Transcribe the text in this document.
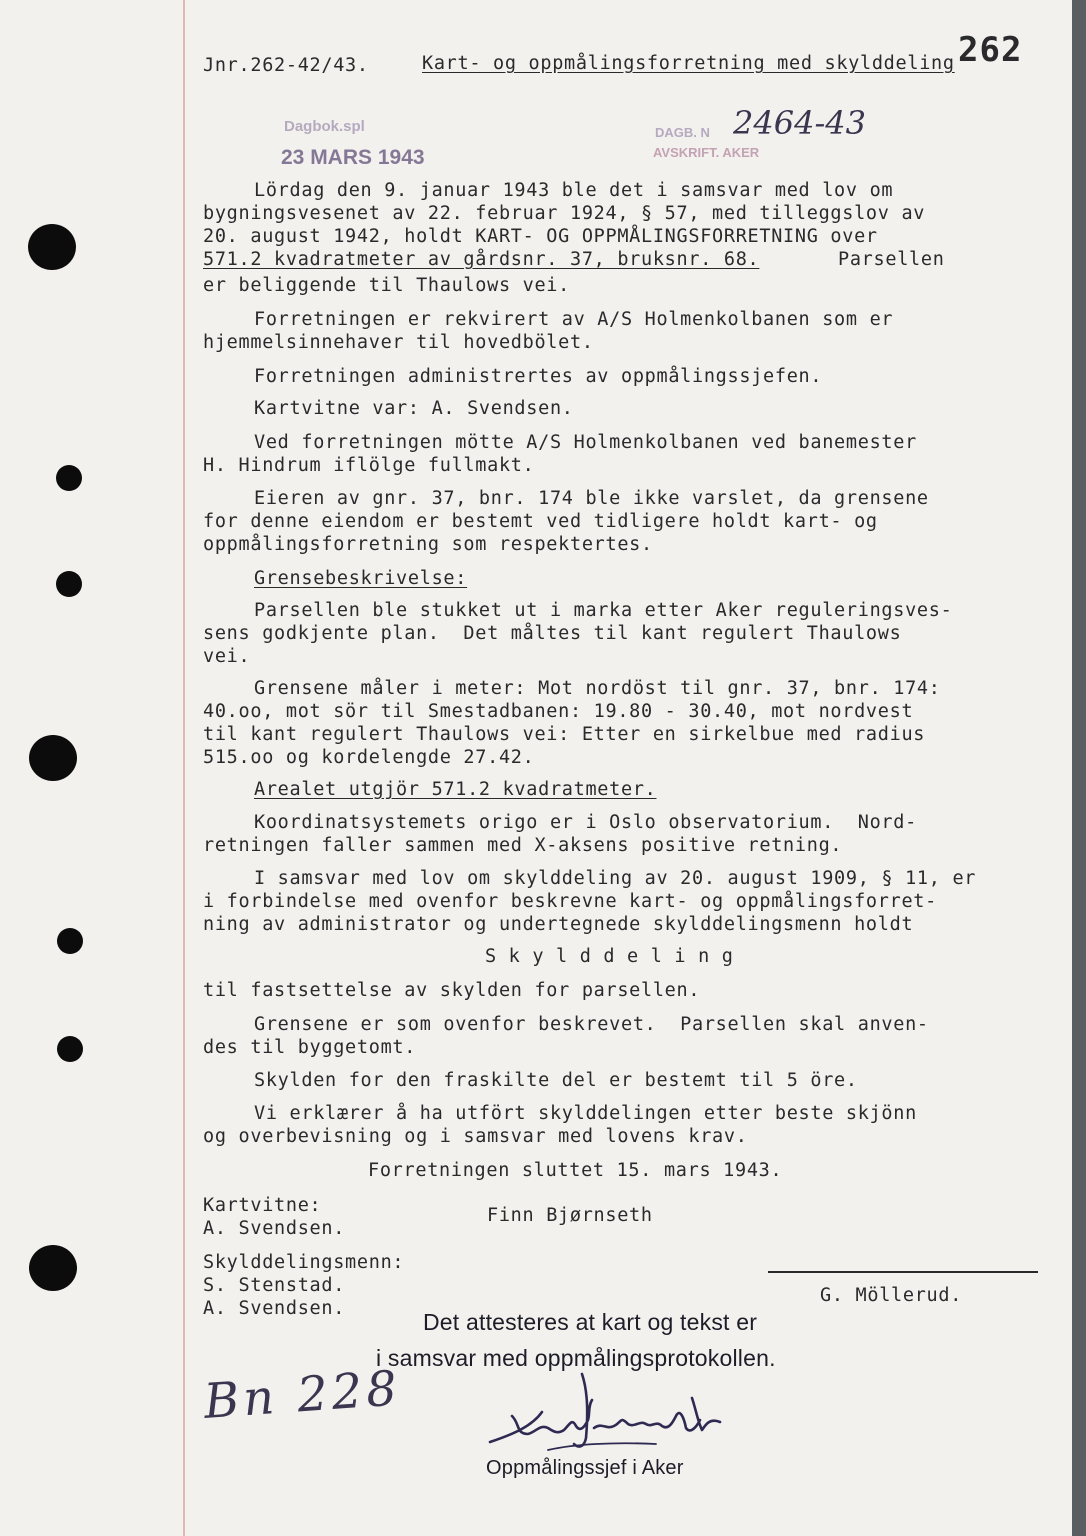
Jnr.262-42/43.	Kart- og oppmålingsforretning med skylddeling 262
Dagbok.spl
23 MARS 1943
DAGB. N 2464-43
AVSKRIFT. AKER
Lördag den 9. januar 1943 ble det i samsvar med lov om
bygningsvesenet av 22. februar 1924, § 57, med tilleggslov av
20. august 1942, holdt KART- OG OPPMÅLINGSFORRETNING over
571.2 kvadratmeter av gårdsnr. 37, bruksnr. 68.	Parsellen
er beliggende til Thaulows vei.
Forretningen er rekvirert av A/S Holmenkolbanen som er
hjemmelsinnehaver til hovedbölet.
Forretningen administrertes av oppmålingssjefen.
Kartvitne var: A. Svendsen.
Ved forretningen mötte A/S Holmenkolbanen ved banemester
H. Hindrum iflölge fullmakt.
Eieren av gnr. 37, bnr. 174 ble ikke varslet, da grensene
for denne eiendom er bestemt ved tidligere holdt kart- og
oppmålingsforretning som respektertes.
Grensebeskrivelse:
Parsellen ble stukket ut i marka etter Aker reguleringsves-
sens godkjente plan.  Det måltes til kant regulert Thaulows
vei.
Grensene måler i meter: Mot nordöst til gnr. 37, bnr. 174:
40.oo, mot sör til Smestadbanen: 19.80 - 30.40, mot nordvest
til kant regulert Thaulows vei: Etter en sirkelbue med radius
515.oo og kordelengde 27.42.
Arealet utgjör 571.2 kvadratmeter.
Koordinatsystemets origo er i Oslo observatorium.  Nord-
retningen faller sammen med X-aksens positive retning.
I samsvar med lov om skylddeling av 20. august 1909, § 11, er
i forbindelse med ovenfor beskrevne kart- og oppmålingsforret-
ning av administrator og undertegnede skylddelingsmenn holdt
S k y l d d e l i n g
til fastsettelse av skylden for parsellen.
Grensene er som ovenfor beskrevet.  Parsellen skal anven-
des til byggetomt.
Skylden for den fraskilte del er bestemt til 5 öre.
Vi erklærer å ha utfört skylddelingen etter beste skjönn
og overbevisning og i samsvar med lovens krav.
Forretningen sluttet 15. mars 1943.
Kartvitne:
A. Svendsen.
Finn Bjørnseth
Skylddelingsmenn:
S. Stenstad.
A. Svendsen.
G. Möllerud.
Det attesteres at kart og tekst er
i samsvar med oppmålingsprotokollen.
Bn 228
Oppmålingssjef i Aker
